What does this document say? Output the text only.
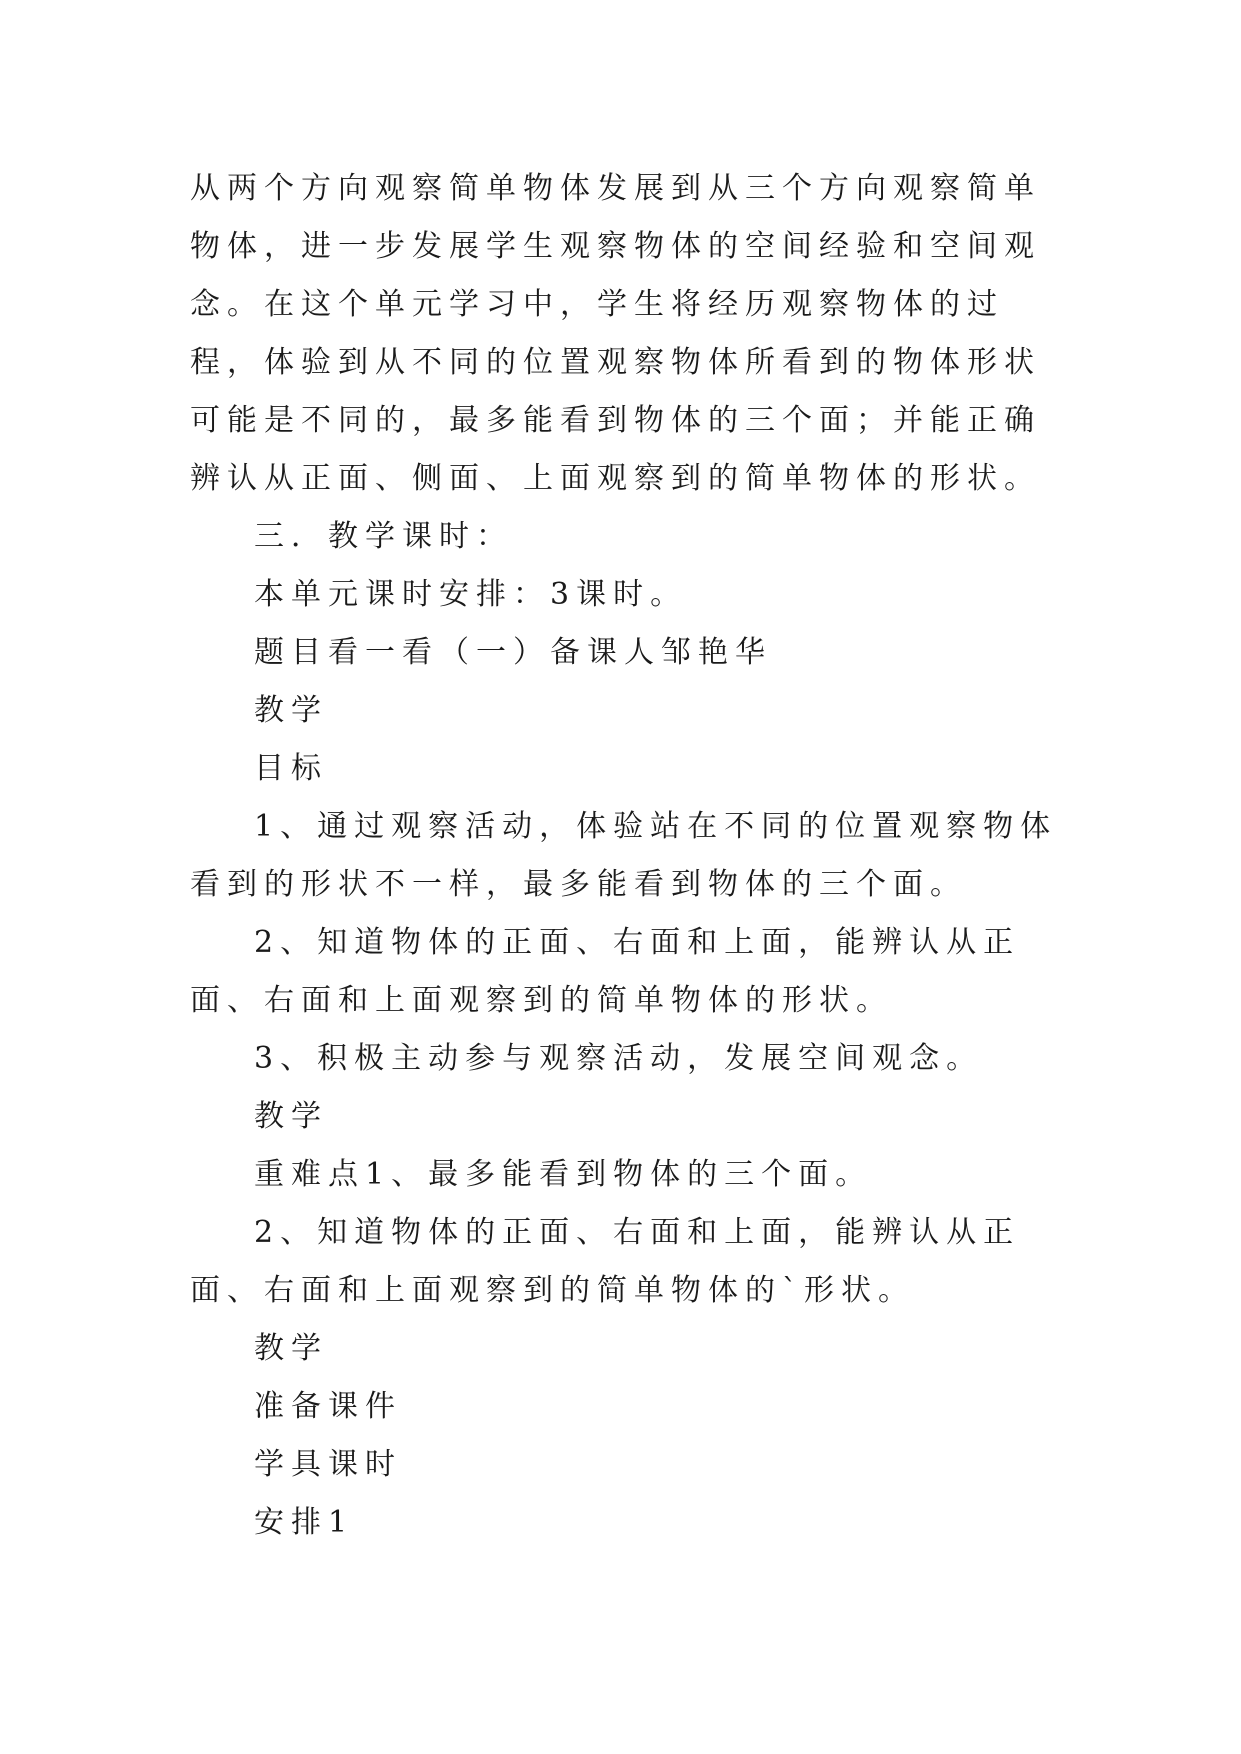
从两个方向观察简单物体发展到从三个方向观察简单物体，进一步发展学生观察物体的空间经验和空间观念。在这个单元学习中，学生将经历观察物体的过程，体验到从不同的位置观察物体所看到的物体形状可能是不同的，最多能看到物体的三个面；并能正确辨认从正面、侧面、上面观察到的简单物体的形状。

三．教学课时：

本单元课时安排：3课时。

题目看一看（一）备课人邹艳华

教学

目标

1、通过观察活动，体验站在不同的位置观察物体看到的形状不一样，最多能看到物体的三个面。

2、知道物体的正面、右面和上面，能辨认从正面、右面和上面观察到的简单物体的形状。

3、积极主动参与观察活动，发展空间观念。

教学

重难点1、最多能看到物体的三个面。

2、知道物体的正面、右面和上面，能辨认从正面、右面和上面观察到的简单物体的`形状。

教学

准备课件

学具课时

安排1
